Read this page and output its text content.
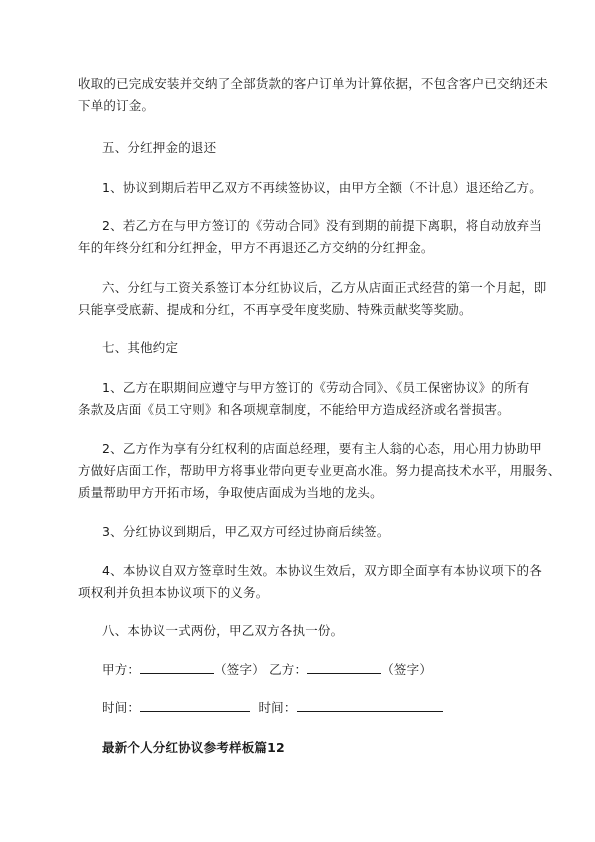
收取的已完成安装并交纳了全部货款的客户订单为计算依据，不包含客户已交纳还未
下单的订金。
五、分红押金的退还
1、协议到期后若甲乙双方不再续签协议，由甲方全额（不计息）退还给乙方。
2、若乙方在与甲方签订的《劳动合同》没有到期的前提下离职，将自动放弃当
年的年终分红和分红押金，甲方不再退还乙方交纳的分红押金。
六、分红与工资关系签订本分红协议后，乙方从店面正式经营的第一个月起，即
只能享受底薪、提成和分红，不再享受年度奖励、特殊贡献奖等奖励。
七、其他约定
1、乙方在职期间应遵守与甲方签订的《劳动合同》、《员工保密协议》的所有
条款及店面《员工守则》和各项规章制度，不能给甲方造成经济或名誉损害。
2、乙方作为享有分红权利的店面总经理，要有主人翁的心态，用心用力协助甲
方做好店面工作，帮助甲方将事业带向更专业更高水准。努力提高技术水平，用服务、
质量帮助甲方开拓市场，争取使店面成为当地的龙头。
3、分红协议到期后，甲乙双方可经过协商后续签。
4、本协议自双方签章时生效。本协议生效后，双方即全面享有本协议项下的各
项权利并负担本协议项下的义务。
八、本协议一式两份，甲乙双方各执一份。
甲方：	（签字） 乙方：	（签字）
时间：	时间：
最新个人分红协议参考样板篇12
